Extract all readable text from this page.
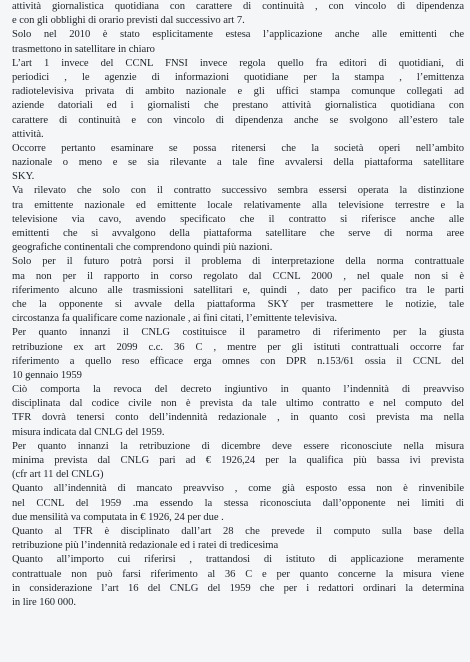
attività giornalistica quotidiana con carattere di continuità , con vincolo di dipendenza
e con gli obblighi di orario previsti dal successivo art 7.
Solo nel 2010 è stato esplicitamente estesa l’applicazione anche alle emittenti che
trasmettono in satellitare in chiaro
L’art 1 invece del CCNL FNSI invece regola quello fra editori di quotidiani, di
periodici , le agenzie di informazioni quotidiane per la stampa , l’emittenza
radiotelevisiva privata di ambito nazionale e gli uffici stampa comunque collegati ad
aziende datoriali ed i giornalisti che prestano attività giornalistica quotidiana con
carattere di continuità e con vincolo di dipendenza anche se svolgono all’estero tale
attività.
Occorre pertanto esaminare se possa ritenersi che la società operi nell’ambito
nazionale o meno e se sia rilevante a tale fine avvalersi della piattaforma satellitare
SKY.
Va rilevato che solo con il contratto successivo sembra essersi operata la distinzione
tra emittente nazionale ed emittente locale relativamente alla televisione terrestre e la
televisione via cavo, avendo specificato che il contratto si riferisce anche alle
emittenti che si avvalgono della piattaforma satellitare che serve di norma aree
geografiche continentali che comprendono quindi più nazioni.
Solo per il futuro potrà porsi il problema di interpretazione della norma contrattuale
ma non per il rapporto in corso regolato dal CCNL 2000 , nel quale non si è
riferimento alcuno alle trasmissioni satellitari e, quindi , dato per pacifico tra le parti
che la opponente si avvale della piattaforma SKY per trasmettere le notizie, tale
circostanza fa qualificare come nazionale , ai fini citati, l’emittente televisiva.
Per quanto innanzi il CNLG costituisce il parametro di riferimento per la giusta
retribuzione ex art 2099 c.c. 36 C , mentre per gli istituti contrattuali occorre far
riferimento a quello reso efficace erga omnes con DPR n.153/61 ossia il CCNL del
10 gennaio 1959
Ciò comporta la revoca del decreto ingiuntivo in quanto l’indennità di preavviso
disciplinata dal codice civile non è prevista da tale ultimo contratto e nel computo del
TFR dovrà tenersi conto dell’indennità redazionale , in quanto così prevista ma nella
misura indicata dal CNLG del 1959.
Per quanto innanzi la retribuzione di dicembre deve essere riconosciute nella misura
minima prevista dal CNLG pari ad € 1926,24 per la qualifica più bassa ivi prevista
(cfr art 11 del CNLG)
Quanto all’indennità di mancato preavviso , come già esposto essa non è rinvenibile
nel CCNL del 1959 .ma essendo la stessa riconosciuta dall’opponente nei limiti di
due mensilità va computata in € 1926, 24 per due .
Quanto al TFR è disciplinato dall’art 28 che prevede il computo sulla base della
retribuzione più l’indennità redazionale ed i ratei di tredicesima
Quanto all’importo cui riferirsi , trattandosi di istituto di applicazione meramente
contrattuale non può farsi riferimento al 36 C e per quanto concerne la misura viene
in considerazione l’art 16 del CNLG del 1959 che per i redattori ordinari la determina
in lire 160 000.
